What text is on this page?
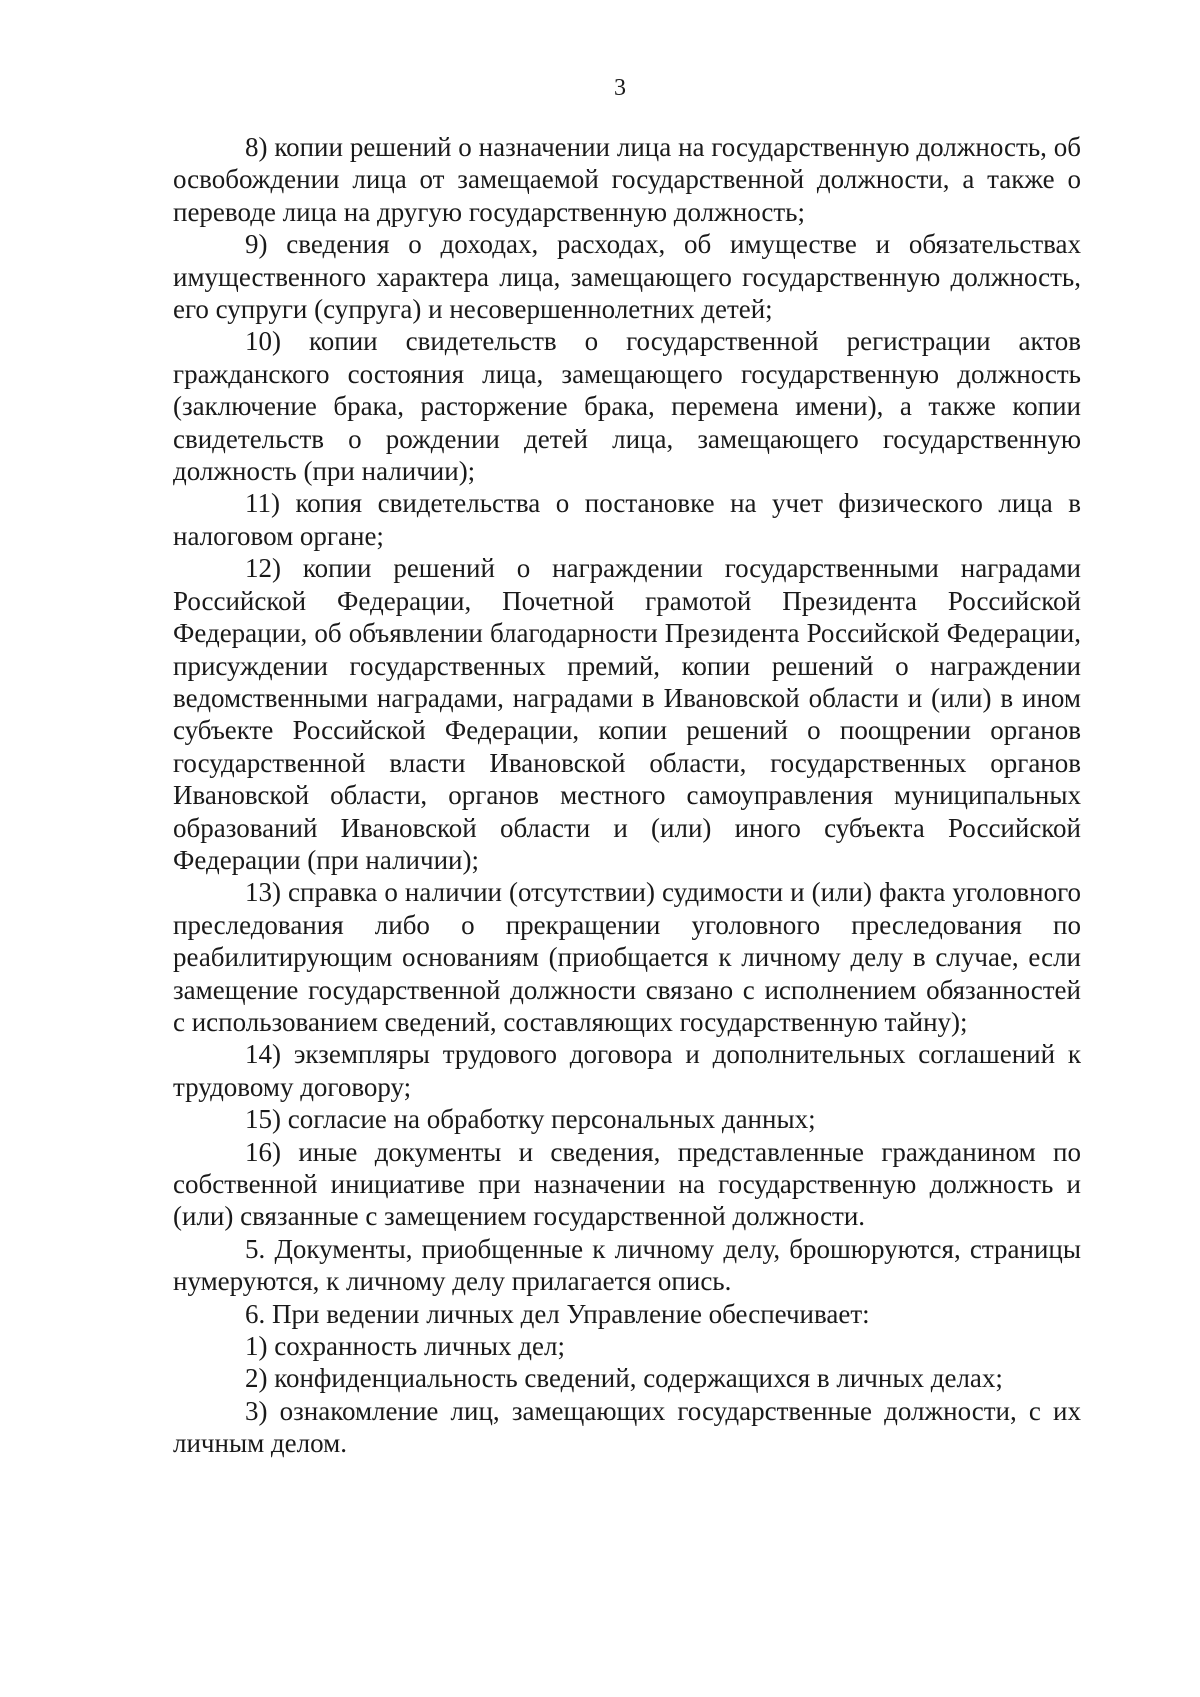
3

8) копии решений о назначении лица на государственную должность, об освобождении лица от замещаемой государственной должности, а также о переводе лица на другую государственную должность;

9) сведения о доходах, расходах, об имуществе и обязательствах имущественного характера лица, замещающего государственную должность, его супруги (супруга) и несовершеннолетних детей;

10) копии свидетельств о государственной регистрации актов гражданского состояния лица, замещающего государственную должность (заключение брака, расторжение брака, перемена имени), а также копии свидетельств о рождении детей лица, замещающего государственную должность (при наличии);

11) копия свидетельства о постановке на учет физического лица в налоговом органе;

12) копии решений о награждении государственными наградами Российской Федерации, Почетной грамотой Президента Российской Федерации, об объявлении благодарности Президента Российской Федерации, присуждении государственных премий, копии решений о награждении ведомственными наградами, наградами в Ивановской области и (или) в ином субъекте Российской Федерации, копии решений о поощрении органов государственной власти Ивановской области, государственных органов Ивановской области, органов местного самоуправления муниципальных образований Ивановской области и (или) иного субъекта Российской Федерации (при наличии);

13) справка о наличии (отсутствии) судимости и (или) факта уголовного преследования либо о прекращении уголовного преследования по реабилитирующим основаниям (приобщается к личному делу в случае, если замещение государственной должности связано с исполнением обязанностей с использованием сведений, составляющих государственную тайну);

14) экземпляры трудового договора и дополнительных соглашений к трудовому договору;

15) согласие на обработку персональных данных;

16) иные документы и сведения, представленные гражданином по собственной инициативе при назначении на государственную должность и (или) связанные с замещением государственной должности.

5. Документы, приобщенные к личному делу, брошюруются, страницы нумеруются, к личному делу прилагается опись.

6. При ведении личных дел Управление обеспечивает:

1) сохранность личных дел;

2) конфиденциальность сведений, содержащихся в личных делах;

3) ознакомление лиц, замещающих государственные должности, с их личным делом.
